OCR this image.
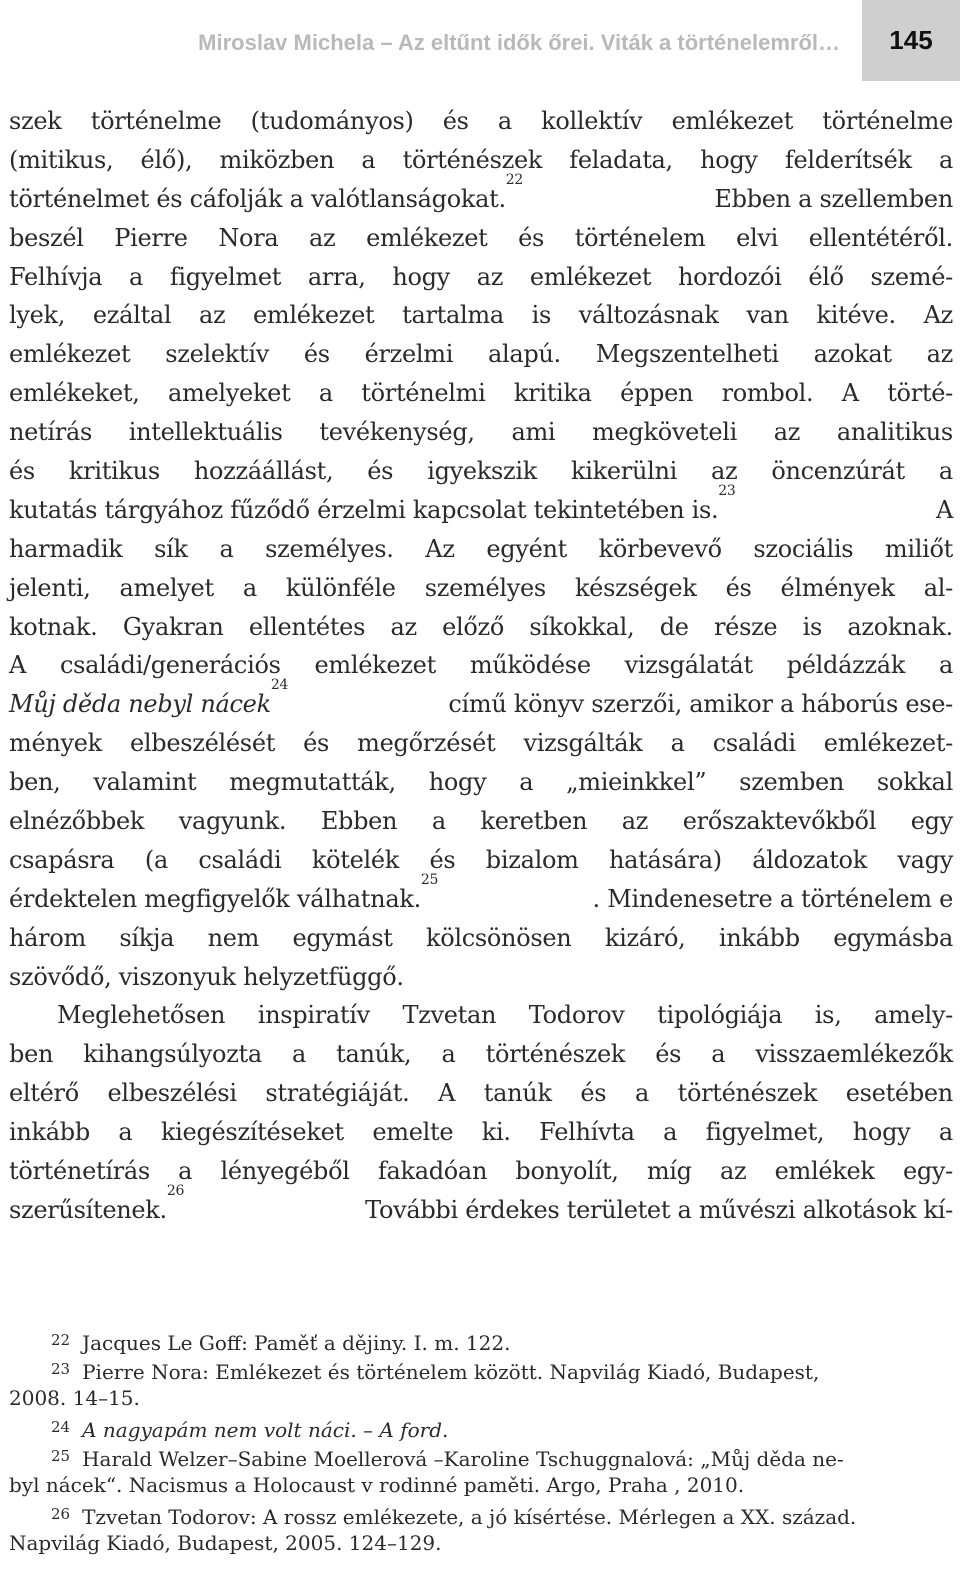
Miroslav Michela – Az eltűnt idők őrei. Viták a történelemről…	145
szek történelme (tudományos) és a kollektív emlékezet történelme
(mitikus, élő), miközben a történészek feladata, hogy felderítsék a
történelmet és cáfolják a valótlanságokat.
22
Ebben a szellemben
beszél Pierre Nora az emlékezet és történelem elvi ellentétéről.
Felhívja a figyelmet arra, hogy az emlékezet hordozói élő szemé-
lyek, ezáltal az emlékezet tartalma is változásnak van kitéve. Az
emlékezet szelektív és érzelmi alapú. Megszentelheti azokat az
emlékeket, amelyeket a történelmi kritika éppen rombol. A törté-
netírás intellektuális tevékenység, ami megköveteli az analitikus
és kritikus hozzáállást, és igyekszik kikerülni az öncenzúrát a
kutatás tárgyához fűződő érzelmi kapcsolat tekintetében is.
23
A
harmadik sík a személyes. Az egyént körbevevő szociális miliőt
jelenti, amelyet a különféle személyes készségek és élmények al-
kotnak. Gyakran ellentétes az előző síkokkal, de része is azoknak.
A családi/generációs emlékezet működése vizsgálatát példázzák a
Můj děda nebyl nácek
24
című könyv szerzői, amikor a háborús ese-
mények elbeszélését és megőrzését vizsgálták a családi emlékezet-
ben, valamint megmutatták, hogy a „mieinkkel” szemben sokkal
elnézőbbek vagyunk. Ebben a keretben az erőszaktevőkből egy
csapásra (a családi kötelék és bizalom hatására) áldozatok vagy
érdektelen megfigyelők válhatnak.
25
. Mindenesetre a történelem e
három síkja nem egymást kölcsönösen kizáró, inkább egymásba
szövődő, viszonyuk helyzetfüggő.
Meglehetősen inspiratív Tzvetan Todorov tipológiája is, amely-
ben kihangsúlyozta a tanúk, a történészek és a visszaemlékezők
eltérő elbeszélési stratégiáját. A tanúk és a történészek esetében
inkább a kiegészítéseket emelte ki. Felhívta a figyelmet, hogy a
történetírás a lényegéből fakadóan bonyolít, míg az emlékek egy-
szerűsítenek.
26
További érdekes területet a művészi alkotások kí-
$^{22}$ Jacques Le Goff: Paměť a dějiny. I. m. 122.
$^{23}$ Pierre Nora: Emlékezet és történelem között. Napvilág Kiadó, Budapest,
2008. 14–15.
$^{24}$ A nagyapám nem volt náci. – A ford.
$^{25}$ Harald Welzer–Sabine Moellerová –Karoline Tschuggnalová: „Můj děda ne-
byl nácek“. Nacismus a Holocaust v rodinné paměti. Argo, Praha , 2010.
$^{26}$ Tzvetan Todorov: A rossz emlékezete, a jó kísértése. Mérlegen a XX. század.
Napvilág Kiadó, Budapest, 2005. 124–129.
